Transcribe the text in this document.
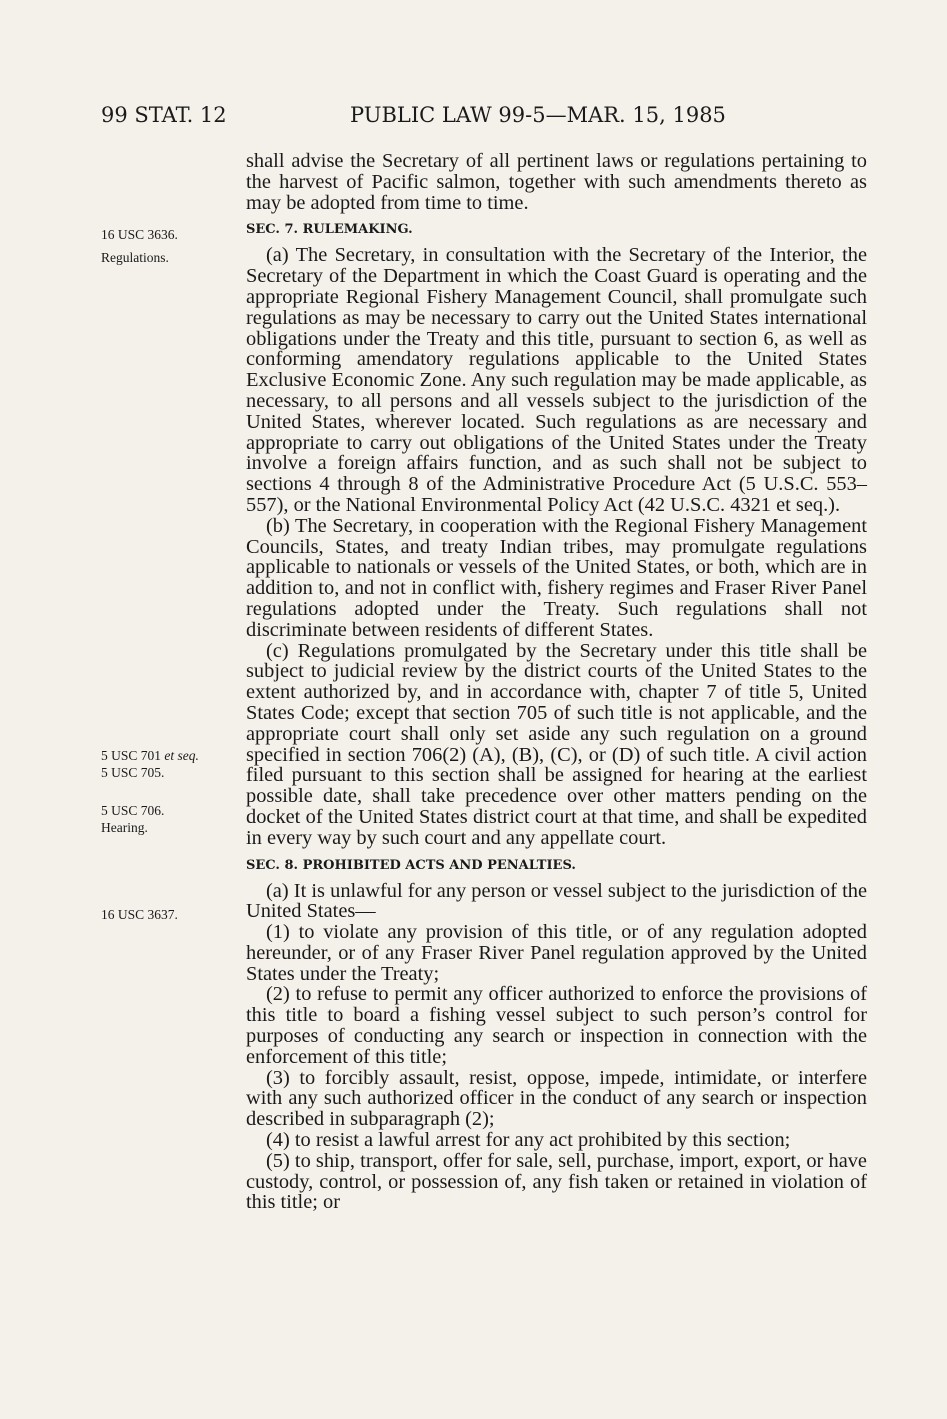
99 STAT. 12	PUBLIC LAW 99-5—MAR. 15, 1985
16 USC 3636.
Regulations.
5 USC 701 et seq.
5 USC 705.
5 USC 706.
Hearing.
16 USC 3637.

shall advise the Secretary of all pertinent laws or regulations pertaining to the harvest of Pacific salmon, together with such amendments thereto as may be adopted from time to time.

SEC. 7. RULEMAKING.

(a) The Secretary, in consultation with the Secretary of the Interior, the Secretary of the Department in which the Coast Guard is operating and the appropriate Regional Fishery Management Council, shall promulgate such regulations as may be necessary to carry out the United States international obligations under the Treaty and this title, pursuant to section 6, as well as conforming amendatory regulations applicable to the United States Exclusive Economic Zone. Any such regulation may be made applicable, as necessary, to all persons and all vessels subject to the jurisdiction of the United States, wherever located. Such regulations as are necessary and appropriate to carry out obligations of the United States under the Treaty involve a foreign affairs function, and as such shall not be subject to sections 4 through 8 of the Administrative Procedure Act (5 U.S.C. 553–557), or the National Environmental Policy Act (42 U.S.C. 4321 et seq.).

(b) The Secretary, in cooperation with the Regional Fishery Management Councils, States, and treaty Indian tribes, may promulgate regulations applicable to nationals or vessels of the United States, or both, which are in addition to, and not in conflict with, fishery regimes and Fraser River Panel regulations adopted under the Treaty. Such regulations shall not discriminate between residents of different States.

(c) Regulations promulgated by the Secretary under this title shall be subject to judicial review by the district courts of the United States to the extent authorized by, and in accordance with, chapter 7 of title 5, United States Code; except that section 705 of such title is not applicable, and the appropriate court shall only set aside any such regulation on a ground specified in section 706(2) (A), (B), (C), or (D) of such title. A civil action filed pursuant to this section shall be assigned for hearing at the earliest possible date, shall take precedence over other matters pending on the docket of the United States district court at that time, and shall be expedited in every way by such court and any appellate court.

SEC. 8. PROHIBITED ACTS AND PENALTIES.

(a) It is unlawful for any person or vessel subject to the jurisdiction of the United States—

(1) to violate any provision of this title, or of any regulation adopted hereunder, or of any Fraser River Panel regulation approved by the United States under the Treaty;

(2) to refuse to permit any officer authorized to enforce the provisions of this title to board a fishing vessel subject to such person’s control for purposes of conducting any search or inspection in connection with the enforcement of this title;

(3) to forcibly assault, resist, oppose, impede, intimidate, or interfere with any such authorized officer in the conduct of any search or inspection described in subparagraph (2);

(4) to resist a lawful arrest for any act prohibited by this section;

(5) to ship, transport, offer for sale, sell, purchase, import, export, or have custody, control, or possession of, any fish taken or retained in violation of this title; or
